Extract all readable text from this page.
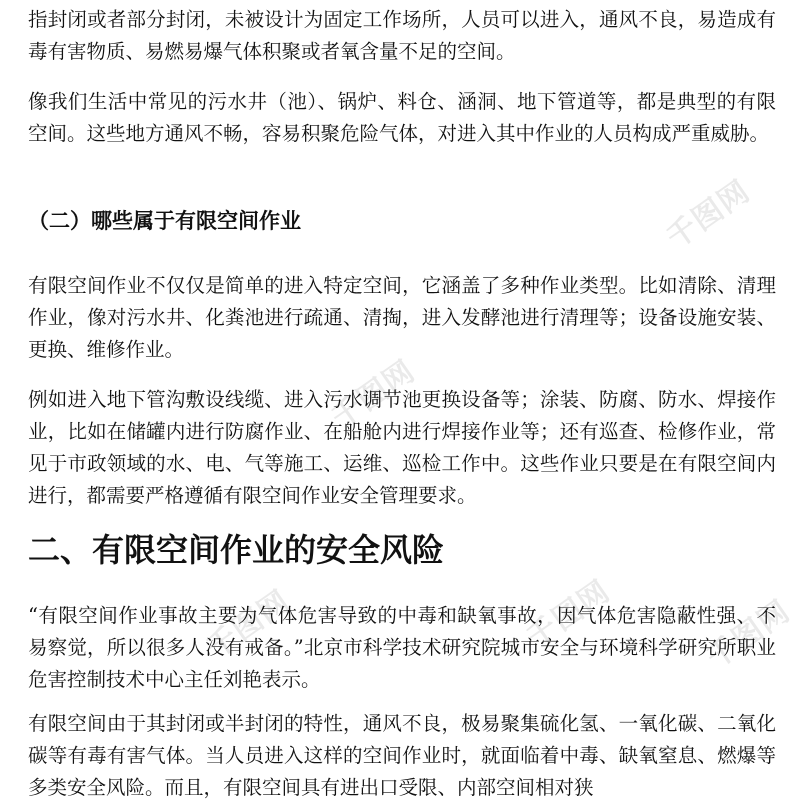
千图网
千图网
千图网	千图网
千图网

指封闭或者部分封闭，未被设计为固定工作场所，人员可以进入，通风不良，易造成有毒有害物质、易燃易爆气体积聚或者氧含量不足的空间。

像我们生活中常见的污水井（池）、锅炉、料仓、涵洞、地下管道等，都是典型的有限空间。这些地方通风不畅，容易积聚危险气体，对进入其中作业的人员构成严重威胁。

（二）哪些属于有限空间作业

有限空间作业不仅仅是简单的进入特定空间，它涵盖了多种作业类型。比如清除、清理作业，像对污水井、化粪池进行疏通、清掏，进入发酵池进行清理等；设备设施安装、更换、维修作业。

例如进入地下管沟敷设线缆、进入污水调节池更换设备等；涂装、防腐、防水、焊接作业，比如在储罐内进行防腐作业、在船舱内进行焊接作业等；还有巡查、检修作业，常见于市政领域的水、电、气等施工、运维、巡检工作中。这些作业只要是在有限空间内进行，都需要严格遵循有限空间作业安全管理要求。

二、有限空间作业的安全风险

“有限空间作业事故主要为气体危害导致的中毒和缺氧事故，因气体危害隐蔽性强、不易察觉，所以很多人没有戒备。”北京市科学技术研究院城市安全与环境科学研究所职业危害控制技术中心主任刘艳表示。

有限空间由于其封闭或半封闭的特性，通风不良，极易聚集硫化氢、一氧化碳、二氧化碳等有毒有害气体。当人员进入这样的空间作业时，就面临着中毒、缺氧窒息、燃爆等多类安全风险。而且，有限空间具有进出口受限、内部空间相对狭
